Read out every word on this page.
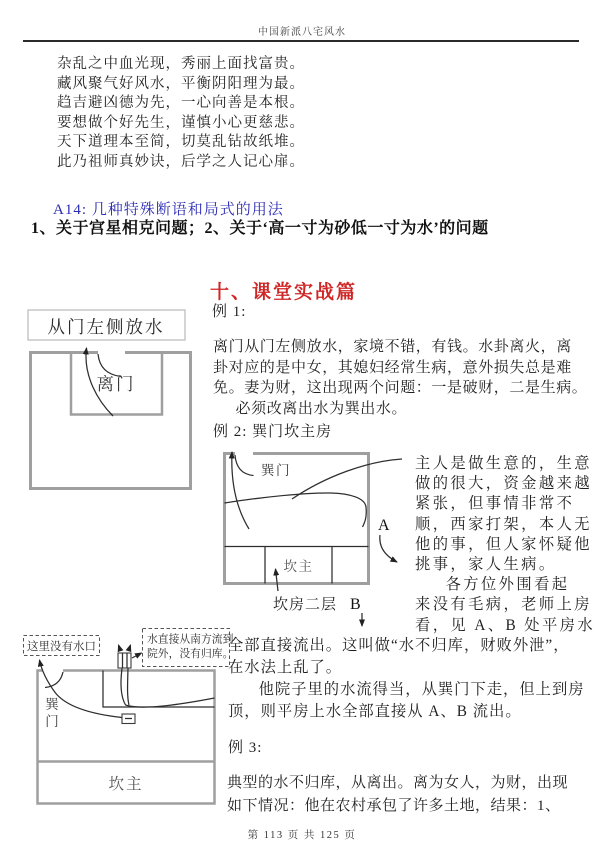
中国新派八宅风水
杂乱之中血光现，秀丽上面找富贵。
藏风聚气好风水，平衡阴阳理为最。
趋吉避凶德为先，一心向善是本根。
要想做个好先生，谨慎小心更慈悲。
天下道理本至简，切莫乱钻故纸堆。
此乃祖师真妙诀，后学之人记心扉。
A14: 几种特殊断语和局式的用法
1、关于宫星相克问题；2、关于‘高一寸为砂低一寸为水’的问题
十、课堂实战篇
例 1:
从门左侧放水
离门
离门从门左侧放水，家境不错，有钱。水卦离火，离
卦对应的是中女，其媳妇经常生病，意外损失总是难
免。妻为财，这出现两个问题：一是破财，二是生病。
必须改离出水为巽出水。
例 2: 巽门坎主房
巽门
坎主
A
坎房二层 B
主人是做生意的，生意
做的很大，资金越来越
紧张，但事情非常不
顺，西家打架，本人无
他的事，但人家怀疑他
挑事，家人生病。
各方位外围看起
来没有毛病，老师上房
看，见 A、B 处平房水
全部直接流出。这叫做“水不归库，财败外泄”，
在水法上乱了。
他院子里的水流得当，从巽门下走，但上到房
顶，则平房上水全部直接从 A、B 流出。
例 3:
这里没有水口
水直接从南方流到
院外，没有归库。
巽
门
坎主	典型的水不归库，从离出。离为女人，为财，出现
如下情况：他在农村承包了许多土地，结果：1、
第 113 页 共 125 页
